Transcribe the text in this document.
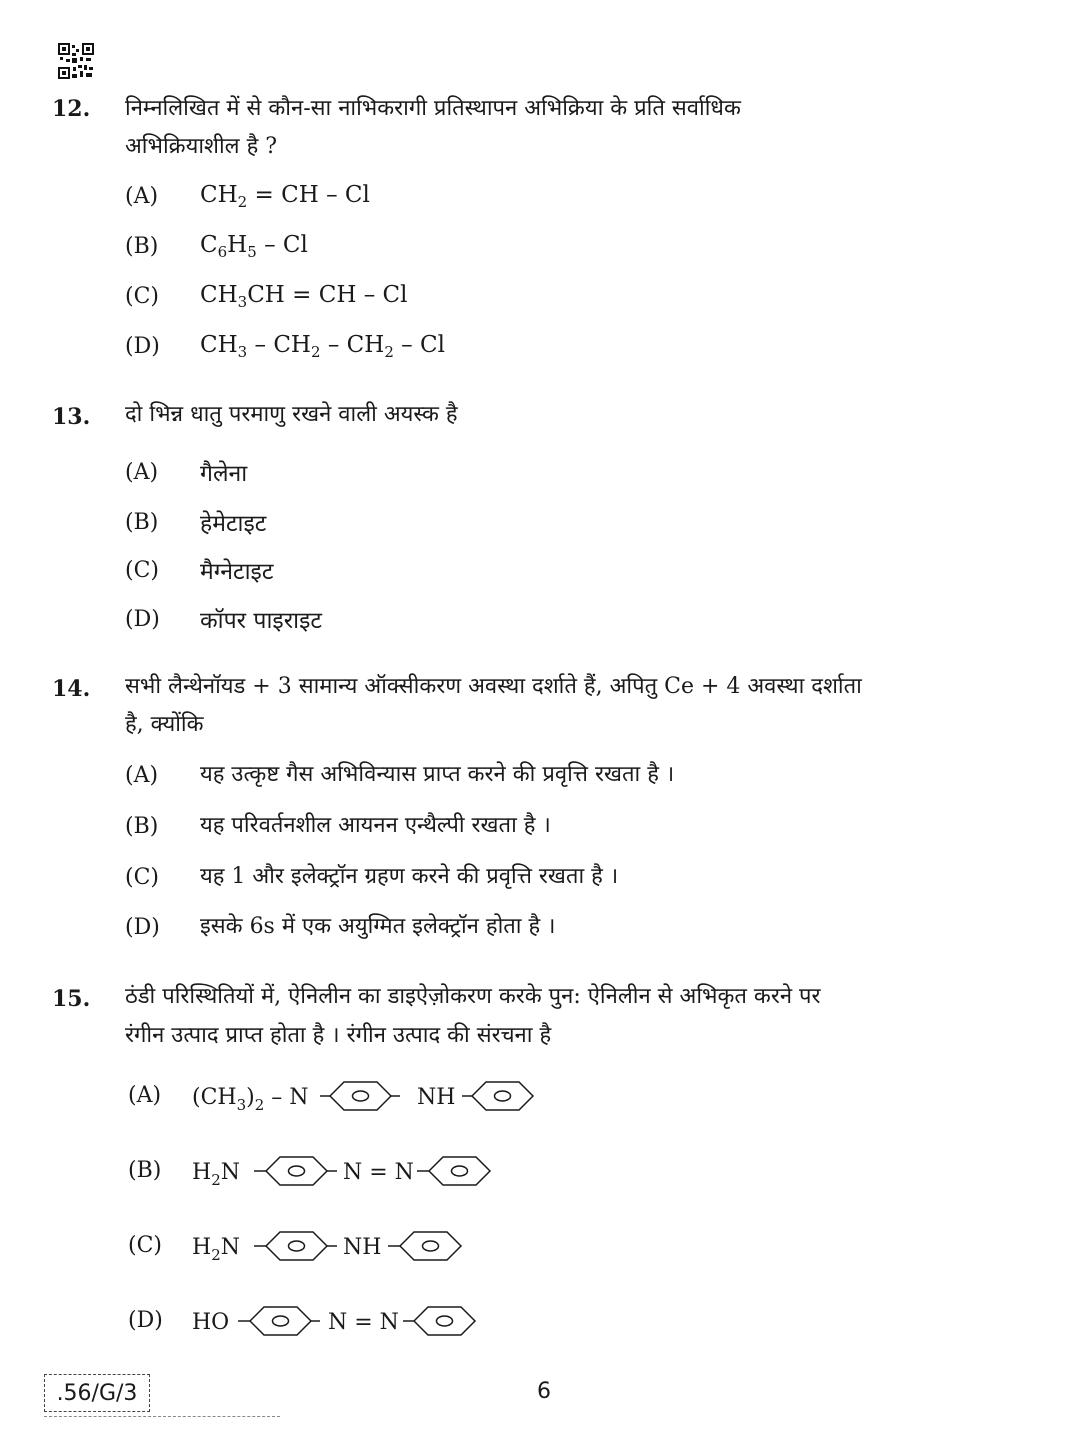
12. निम्नलिखित में से कौन-सा नाभिकरागी प्रतिस्थापन अभिक्रिया के प्रति सर्वाधिक
अभिक्रियाशील है ?
(A) $CH_2$ = CH – Cl
(B) $C_6H_5$ – Cl
(C) $CH_3CH$ = CH – Cl
(D) $CH_3 - CH_2 - CH_2$ – Cl
13. दो भिन्न धातु परमाणु रखने वाली अयस्क है
(A) गैलेना
(B) हेमेटाइट
(C) मैग्नेटाइट
(D) कॉपर पाइराइट
14. सभी लैन्थेनॉयड + 3 सामान्य ऑक्सीकरण अवस्था दर्शाते हैं, अपितु Ce + 4 अवस्था दर्शाता
है, क्योंकि
(A) यह उत्कृष्ट गैस अभिविन्यास प्राप्त करने की प्रवृत्ति रखता है ।
(B) यह परिवर्तनशील आयनन एन्थैल्पी रखता है ।
(C) यह 1 और इलेक्ट्रॉन ग्रहण करने की प्रवृत्ति रखता है ।
(D) इसके 6s में एक अयुग्मित इलेक्ट्रॉन होता है ।
15. ठंडी परिस्थितियों में, ऐनिलीन का डाइऐज़ोकरण करके पुन: ऐनिलीन से अभिकृत करने पर
रंगीन उत्पाद प्राप्त होता है । रंगीन उत्पाद की संरचना है
(A) $(CH_3)_2$ – N	NH
(B) $H_2N$	N = N
(C) $H_2N$	NH
(D) HO	N = N
.56/G/3	6
